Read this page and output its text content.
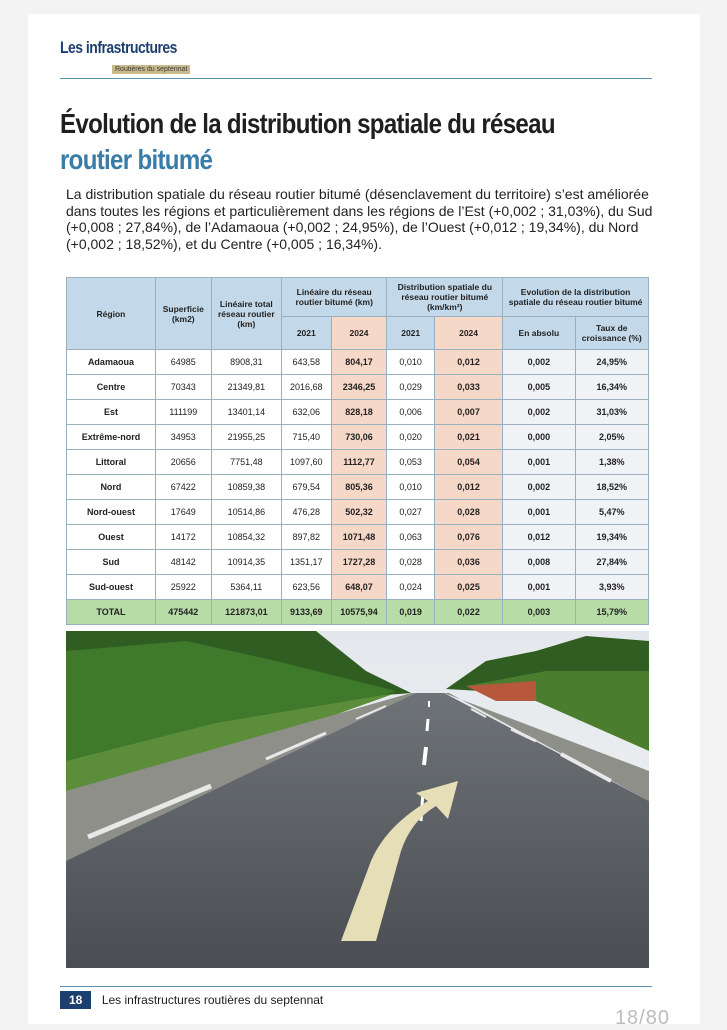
Les infrastructures
Routières du septennat
Évolution de la distribution spatiale du réseau
routier bitumé

La distribution spatiale du réseau routier bitumé (désenclavement du territoire) s’est améliorée dans toutes les régions et particulièrement dans les régions de l’Est (+0,002 ; 31,03%), du Sud (+0,008 ; 27,84%), de l’Adamaoua (+0,002 ; 24,95%), de l’Ouest (+0,012 ; 19,34%), du Nord (+0,002 ; 18,52%), et du Centre (+0,005 ; 16,34%).

Région	Superficie (km2)	Linéaire total réseau routier (km)	Linéaire du réseau routier bitumé (km)		Distribution spatiale du réseau routier bitumé (km/km²)		Evolution de la distribution spatiale du réseau routier bitumé	
			2021	2024	2021	2024	En absolu	Taux de croissance (%)
Adamaoua	64985	8908,31	643,58	804,17	0,010	0,012	0,002	24,95%
Centre	70343	21349,81	2016,68	2346,25	0,029	0,033	0,005	16,34%
Est	111199	13401,14	632,06	828,18	0,006	0,007	0,002	31,03%
Extrême-nord	34953	21955,25	715,40	730,06	0,020	0,021	0,000	2,05%
Littoral	20656	7751,48	1097,60	1112,77	0,053	0,054	0,001	1,38%
Nord	67422	10859,38	679,54	805,36	0,010	0,012	0,002	18,52%
Nord-ouest	17649	10514,86	476,28	502,32	0,027	0,028	0,001	5,47%
Ouest	14172	10854,32	897,82	1071,48	0,063	0,076	0,012	19,34%
Sud	48142	10914,35	1351,17	1727,28	0,028	0,036	0,008	27,84%
Sud-ouest	25922	5364,11	623,56	648,07	0,024	0,025	0,001	3,93%
TOTAL	475442	121873,01	9133,69	10575,94	0,019	0,022	0,003	15,79%
18 Les infrastructures routières du septennat
18/80
